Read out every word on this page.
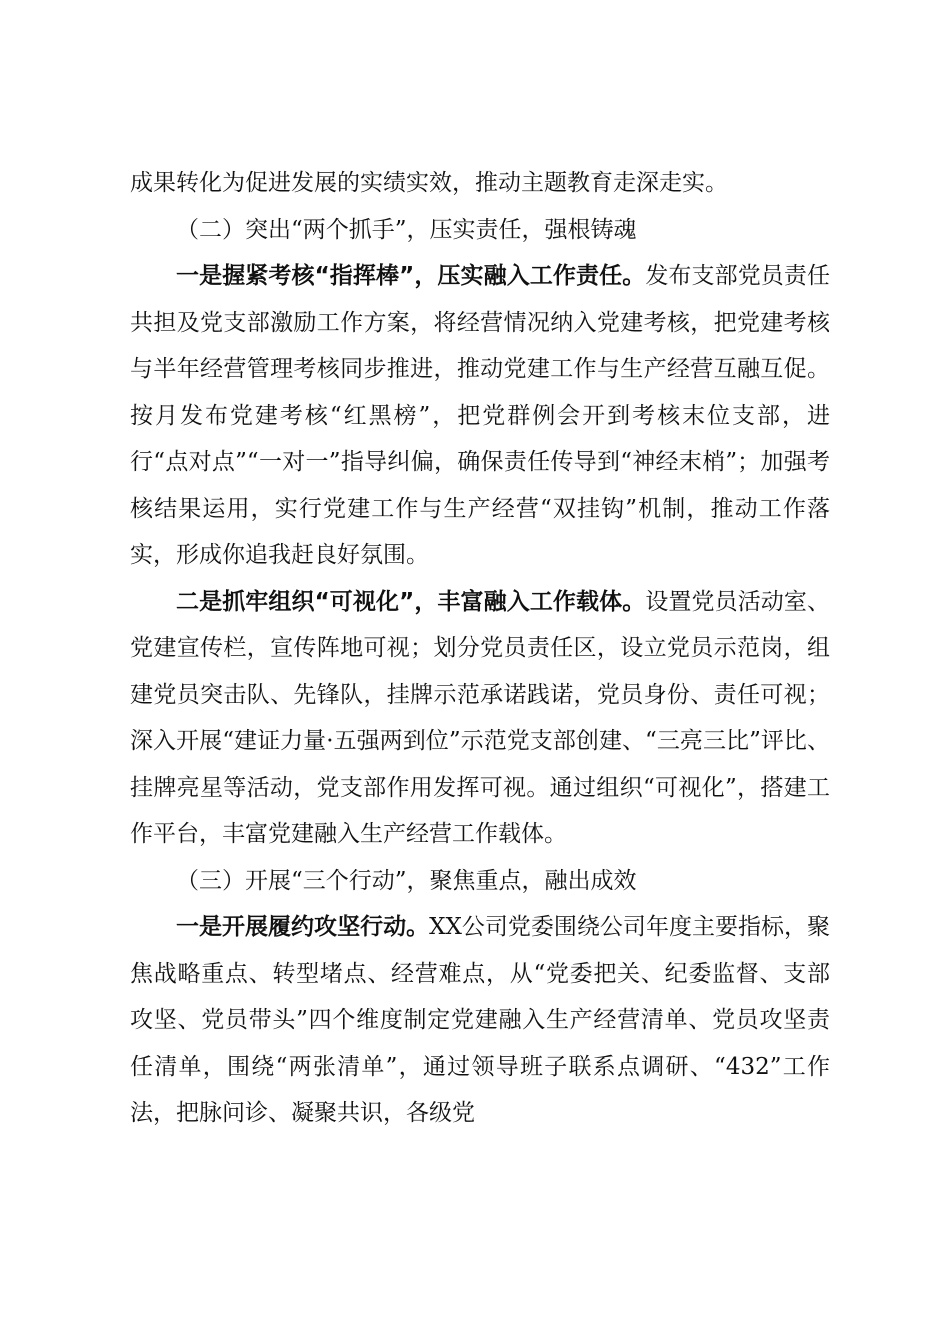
成果转化为促进发展的实绩实效，推动主题教育走深走实。

（二）突出“两个抓手”，压实责任，强根铸魂

一是握紧考核“指挥棒”，压实融入工作责任。发布支部党员责任共担及党支部激励工作方案，将经营情况纳入党建考核，把党建考核与半年经营管理考核同步推进，推动党建工作与生产经营互融互促。按月发布党建考核“红黑榜”，把党群例会开到考核末位支部，进行“点对点”“一对一”指导纠偏，确保责任传导到“神经末梢”；加强考核结果运用，实行党建工作与生产经营“双挂钩”机制，推动工作落实，形成你追我赶良好氛围。

二是抓牢组织“可视化”，丰富融入工作载体。设置党员活动室、党建宣传栏，宣传阵地可视；划分党员责任区，设立党员示范岗，组建党员突击队、先锋队，挂牌示范承诺践诺，党员身份、责任可视；深入开展“建证力量·五强两到位”示范党支部创建、“三亮三比”评比、挂牌亮星等活动，党支部作用发挥可视。通过组织“可视化”，搭建工作平台，丰富党建融入生产经营工作载体。

（三）开展“三个行动”，聚焦重点，融出成效

一是开展履约攻坚行动。XX公司党委围绕公司年度主要指标，聚焦战略重点、转型堵点、经营难点，从“党委把关、纪委监督、支部攻坚、党员带头”四个维度制定党建融入生产经营清单、党员攻坚责任清单，围绕“两张清单”，通过领导班子联系点调研、“432”工作法，把脉问诊、凝聚共识，各级党
